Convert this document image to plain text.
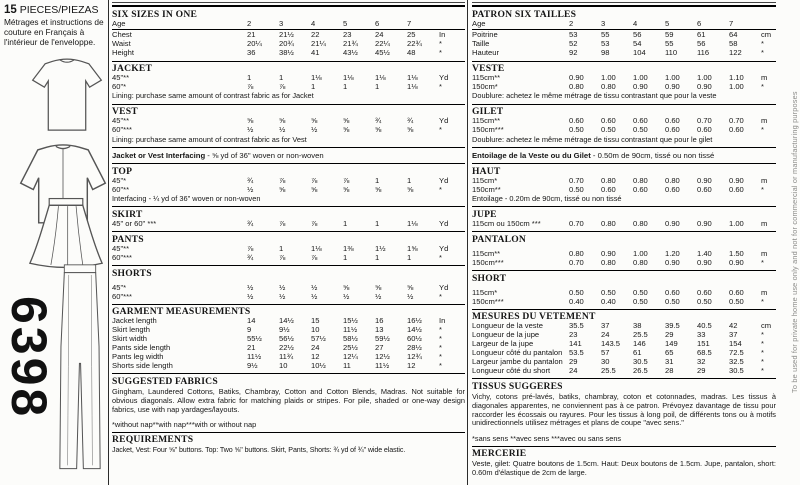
15 PIECES/PIEZAS
Métrages et instructions de couture en Français à l'intérieur de l'enveloppe.
6398
SIX SIZES IN ONE
Age	2	3	4	5	6	7
Chest	21	21½	22	23	24	25	In
Waist	20¼	20¾	21¼	21¾	22¼	22¾	*
Height	36	38½	41	43½	45½	48	*
JACKET
45"**	1	1	1⅛	1⅛	1⅛	1⅛	Yd
60"*	⅞	⅞	1	1	1	1⅛	*
Lining: purchase same amount of contrast fabric as for Jacket
VEST
45"**	⅝	⅝	⅝	⅝	¾	¾	Yd
60"***	½	½	½	⅝	⅝	⅝	*
Lining: purchase same amount of contrast fabric as for Vest
Jacket or Vest Interfacing - ⅝ yd of 36" woven or non-woven
TOP
45"*	¾	⅞	⅞	⅞	1	1	Yd
60"**	½	⅝	⅝	⅝	⅝	⅝	*
Interfacing - ¼ yd of 36" woven or non-woven
SKIRT
45" or 60" ***	¾	⅞	⅞	1	1	1⅛	Yd
PANTS
45"**	⅞	1	1⅛	1⅜	1½	1⅝	Yd
60"***	¾	⅞	⅞	1	1	1	*
SHORTS
45"*	½	½	½	⅝	⅝	⅝	Yd
60"***	½	½	½	½	½	½	*
GARMENT MEASUREMENTS
Jacket length	14	14½	15	15½	16	16½	In
Skirt length	9	9½	10	11½	13	14½	*
Skirt width	55½	56½	57½	58½	59½	60½	*
Pants side length	21	22½	24	25½	27	28½	*
Pants leg width	11½	11¾	12	12¼	12½	12¾	*
Shorts side length	9½	10	10½	11	11½	12	*
SUGGESTED FABRICS
Gingham, Laundered Cottons, Batiks, Chambray, Cotton and Cotton Blends, Madras. Not suitable for obvious diagonals. Allow extra fabric for matching plaids or stripes. For pile, shaded or one-way design fabrics, use with nap yardages/layouts.
*without nap**with nap***with or without nap
REQUIREMENTS
Jacket, Vest: Four ⅝" buttons. Top: Two ⅝" buttons. Skirt, Pants, Shorts: ¾ yd of ¾" wide elastic.
PATRON SIX TAILLES
Age	2	3	4	5	6	7
Poitrine	53	55	56	59	61	64	cm
Taille	52	53	54	55	56	58	*
Hauteur	92	98	104	110	116	122	*
VESTE
115cm**	0.90	1.00	1.00	1.00	1.00	1.10	m
150cm*	0.80	0.80	0.90	0.90	0.90	1.00	*
Doublure: achetez le même métrage de tissu contrastant que pour la veste
GILET
115cm**	0.60	0.60	0.60	0.60	0.70	0.70	m
150cm***	0.50	0.50	0.50	0.60	0.60	0.60	*
Doublure: achetez le même métrage de tissu contrastant que pour le gilet
Entoilage de la Veste ou du Gilet - 0.50m de 90cm, tissé ou non tissé
HAUT
115cm*	0.70	0.80	0.80	0.80	0.90	0.90	m
150cm**	0.50	0.60	0.60	0.60	0.60	0.60	*
Entoilage - 0.20m de 90cm, tissé ou non tissé
JUPE
115cm ou 150cm ***	0.70	0.80	0.80	0.90	0.90	1.00	m
PANTALON
115cm**	0.80	0.90	1.00	1.20	1.40	1.50	m
150cm***	0.70	0.80	0.80	0.90	0.90	0.90	*
SHORT
115cm*	0.50	0.50	0.50	0.60	0.60	0.60	m
150cm***	0.40	0.40	0.50	0.50	0.50	0.50	*
MESURES DU VETEMENT
Longueur de la veste	35.5	37	38	39.5	40.5	42	cm
Longueur de la jupe	23	24	25.5	29	33	37	*
Largeur de la jupe	141	143.5	146	149	151	154	*
Longueur côté du pantalon 53.5	57	61	65	68.5	72.5	*
Largeur jambe du pantalon 29	30	30.5	31	32	32.5	*
Longueur côté du short	24	25.5	26.5	28	29	30.5	*
TISSUS SUGGERES
Vichy, cotons pré-lavés, batiks, chambray, coton et cotonnades, madras. Les tissus à diagonales apparentes, ne conviennent pas à ce patron. Prévoyez davantage de tissu pour raccorder les écossais ou rayures. Pour les tissus à long poil, de différents tons ou à motifs unidirectionnels utilisez métrages et plans de coupe "avec sens."
*sans sens **avec sens ***avec ou sans sens
MERCERIE
Veste, gilet: Quatre boutons de 1.5cm. Haut: Deux boutons de 1.5cm. Jupe, pantalon, short: 0.60m d'élastique de 2cm de large.
To be used for private home use only and not for commercial or manufacturing purposes
